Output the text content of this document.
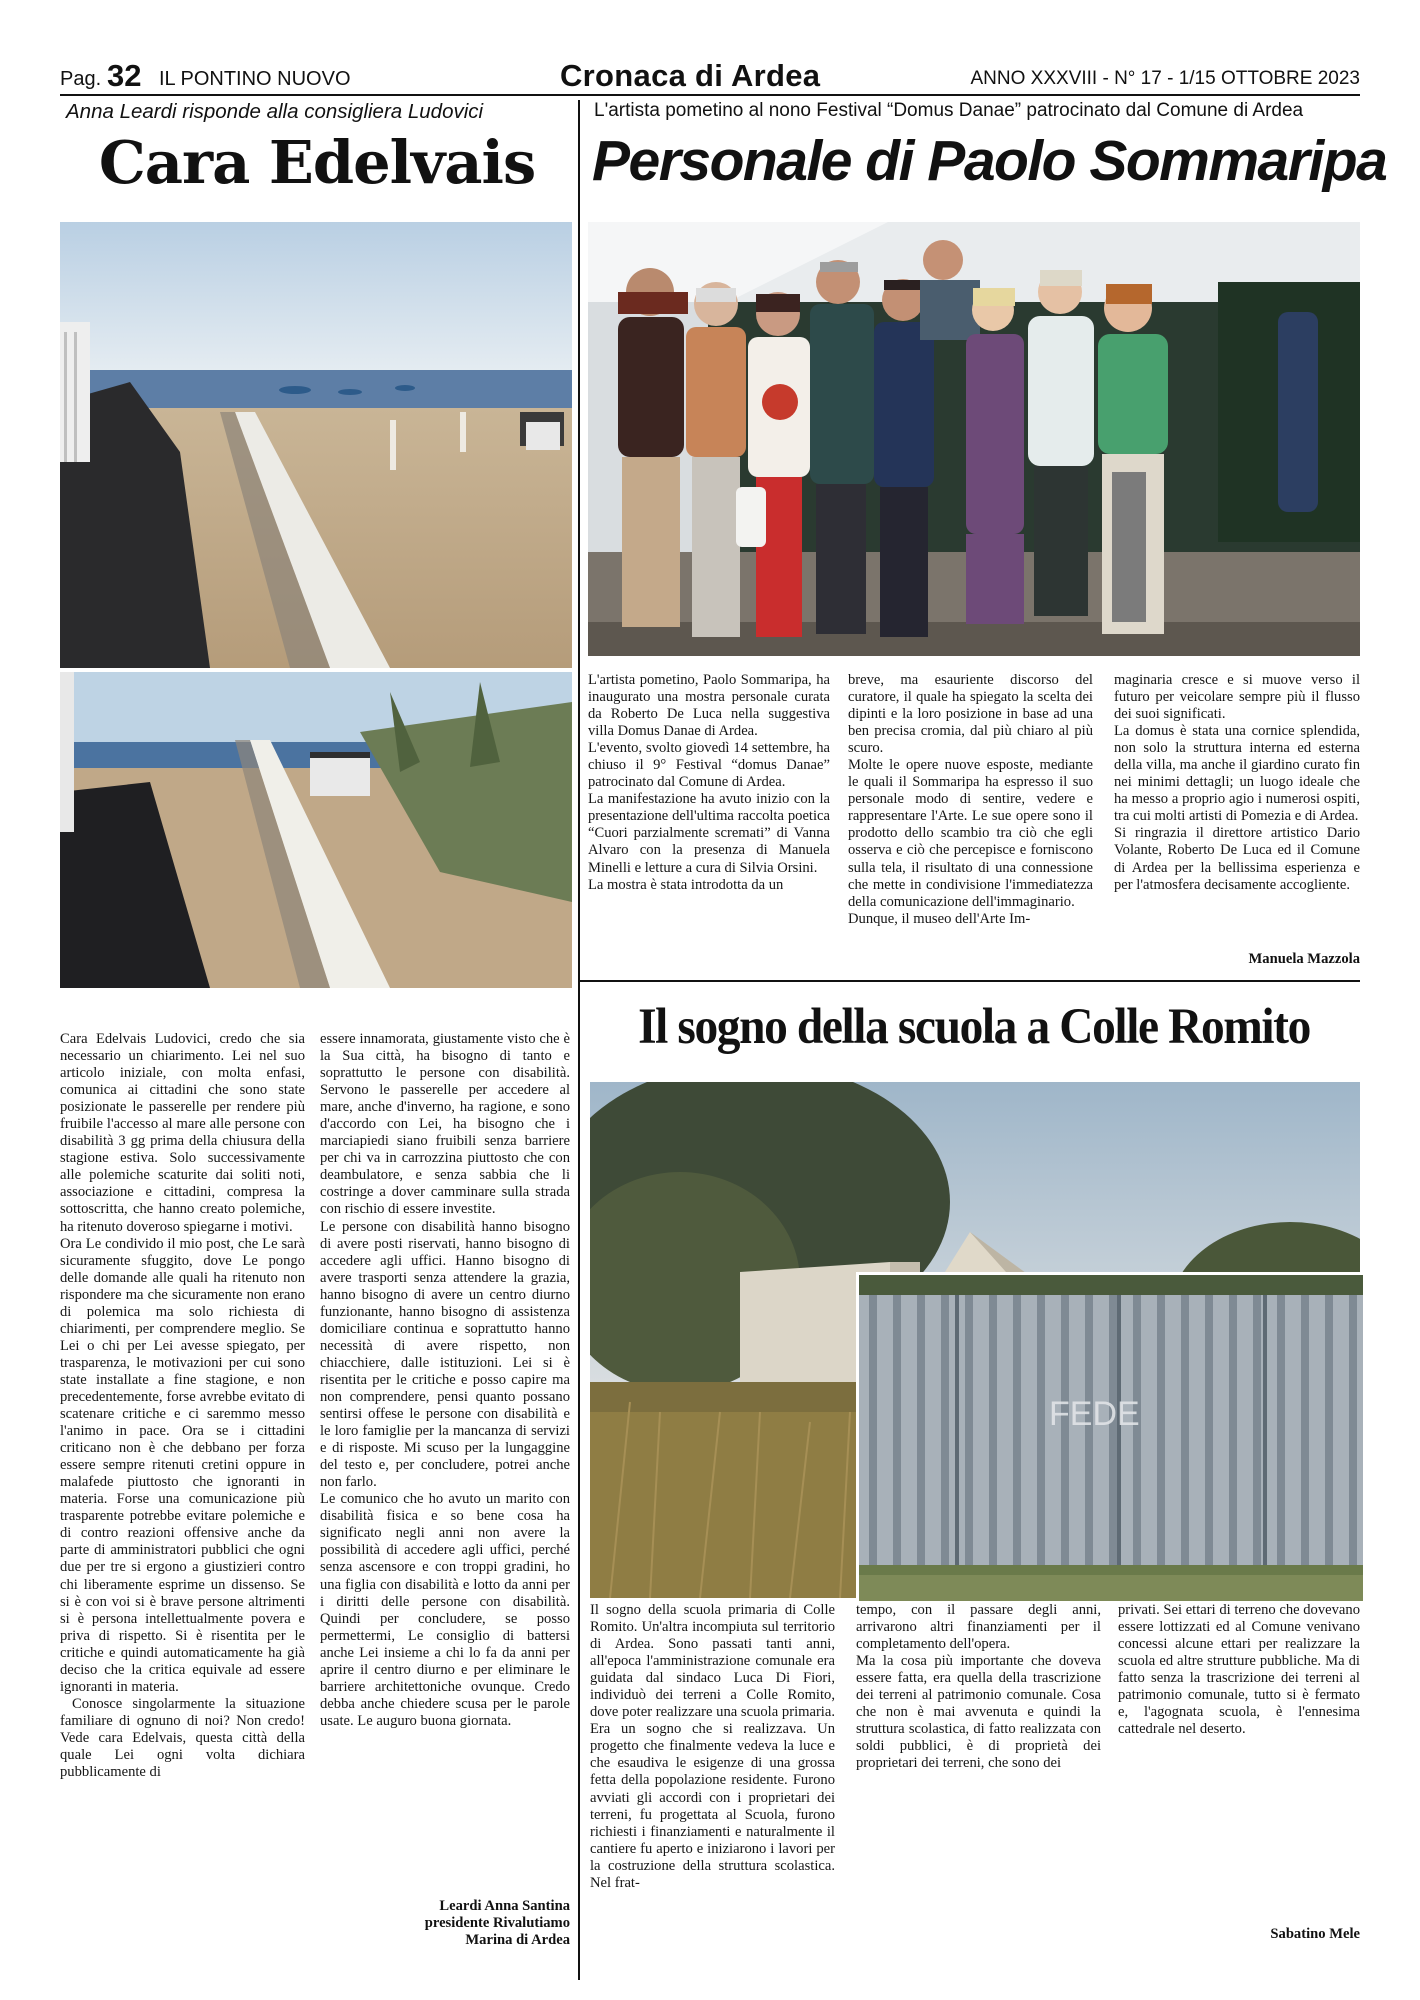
Pag. 32 IL PONTINO NUOVO	Cronaca di Ardea	ANNO XXXVIII - N° 17 - 1/15 OTTOBRE 2023
Anna Leardi risponde alla consigliera Ludovici
Cara Edelvais

Cara Edelvais Ludovici, credo che sia necessario un chiarimento. Lei nel suo articolo iniziale, con molta enfasi, comunica ai cittadini che sono state posizionate le passerelle per rendere più fruibile l'accesso al mare alle persone con disabilità 3 gg prima della chiusura della stagione estiva. Solo successivamente alle polemiche scaturite dai soliti noti, associazione e cittadini, compresa la sottoscritta, che hanno creato polemiche, ha ritenuto doveroso spiegarne i motivi.

Ora Le condivido il mio post, che Le sarà sicuramente sfuggito, dove Le pongo delle domande alle quali ha ritenuto non rispondere ma che sicuramente non erano di polemica ma solo richiesta di chiarimenti, per comprendere meglio. Se Lei o chi per Lei avesse spiegato, per trasparenza, le motivazioni per cui sono state installate a fine stagione, e non precedentemente, forse avrebbe evitato di scatenare critiche e ci saremmo messo l'animo in pace. Ora se i cittadini criticano non è che debbano per forza essere sempre ritenuti cretini oppure in malafede piuttosto che ignoranti in materia. Forse una comunicazione più trasparente potrebbe evitare polemiche e di contro reazioni offensive anche da parte di amministratori pubblici che ogni due per tre si ergono a giustizieri contro chi liberamente esprime un dissenso. Se si è con voi si è brave persone altrimenti si è persona intellettualmente povera e priva di rispetto. Si è risentita per le critiche e quindi automaticamente ha già deciso che la critica equivale ad essere ignoranti in materia.

Conosce singolarmente la situazione familiare di ognuno di noi? Non credo! Vede cara Edelvais, questa città della quale Lei ogni volta dichiara pubblicamente di

essere innamorata, giustamente visto che è la Sua città, ha bisogno di tanto e soprattutto le persone con disabilità. Servono le passerelle per accedere al mare, anche d'inverno, ha ragione, e sono d'accordo con Lei, ha bisogno che i marciapiedi siano fruibili senza barriere per chi va in carrozzina piuttosto che con deambulatore, e senza sabbia che li costringe a dover camminare sulla strada con rischio di essere investite.

Le persone con disabilità hanno bisogno di avere posti riservati, hanno bisogno di accedere agli uffici. Hanno bisogno di avere trasporti senza attendere la grazia, hanno bisogno di avere un centro diurno funzionante, hanno bisogno di assistenza domiciliare continua e soprattutto hanno necessità di avere rispetto, non chiacchiere, dalle istituzioni. Lei si è risentita per le critiche e posso capire ma non comprendere, pensi quanto possano sentirsi offese le persone con disabilità e le loro famiglie per la mancanza di servizi e di risposte. Mi scuso per la lungaggine del testo e, per concludere, potrei anche non farlo.

Le comunico che ho avuto un marito con disabilità fisica e so bene cosa ha significato negli anni non avere la possibilità di accedere agli uffici, perché senza ascensore e con troppi gradini, ho una figlia con disabilità e lotto da anni per i diritti delle persone con disabilità. Quindi per concludere, se posso permettermi, Le consiglio di battersi anche Lei insieme a chi lo fa da anni per aprire il centro diurno e per eliminare le barriere architettoniche ovunque. Credo debba anche chiedere scusa per le parole usate. Le auguro buona giornata.

Leardi Anna Santina
presidente Rivalutiamo
Marina di Ardea
L'artista pometino al nono Festival “Domus Danae” patrocinato dal Comune di Ardea
Personale di Paolo Sommaripa

L'artista pometino, Paolo Sommaripa, ha inaugurato una mostra personale curata da Roberto De Luca nella suggestiva villa Domus Danae di Ardea.

L'evento, svolto giovedì 14 settembre, ha chiuso il 9° Festival “domus Danae” patrocinato dal Comune di Ardea.

La manifestazione ha avuto inizio con la presentazione dell'ultima raccolta poetica “Cuori parzialmente scremati” di Vanna Alvaro con la presenza di Manuela Minelli e letture a cura di Silvia Orsini.

La mostra è stata introdotta da un

breve, ma esauriente discorso del curatore, il quale ha spiegato la scelta dei dipinti e la loro posizione in base ad una ben precisa cromia, dal più chiaro al più scuro.

Molte le opere nuove esposte, mediante le quali il Sommaripa ha espresso il suo personale modo di sentire, vedere e rappresentare l'Arte. Le sue opere sono il prodotto dello scambio tra ciò che egli osserva e ciò che percepisce e forniscono sulla tela, il risultato di una connessione che mette in condivisione l'immediatezza della comunicazione dell'immaginario.

Dunque, il museo dell'Arte Im-

maginaria cresce e si muove verso il futuro per veicolare sempre più il flusso dei suoi significati.

La domus è stata una cornice splendida, non solo la struttura interna ed esterna della villa, ma anche il giardino curato fin nei minimi dettagli; un luogo ideale che ha messo a proprio agio i numerosi ospiti, tra cui molti artisti di Pomezia e di Ardea.

Si ringrazia il direttore artistico Dario Volante, Roberto De Luca ed il Comune di Ardea per la bellissima esperienza e per l'atmosfera decisamente accogliente.

Manuela Mazzola
Il sogno della scuola a Colle Romito
FEDE

Il sogno della scuola primaria di Colle Romito. Un'altra incompiuta sul territorio di Ardea. Sono passati tanti anni, all'epoca l'amministrazione comunale era guidata dal sindaco Luca Di Fiori, individuò dei terreni a Colle Romito, dove poter realizzare una scuola primaria. Era un sogno che si realizzava. Un progetto che finalmente vedeva la luce e che esaudiva le esigenze di una grossa fetta della popolazione residente. Furono avviati gli accordi con i proprietari dei terreni, fu progettata al Scuola, furono richiesti i finanziamenti e naturalmente il cantiere fu aperto e iniziarono i lavori per la costruzione della struttura scolastica. Nel frat-

tempo, con il passare degli anni, arrivarono altri finanziamenti per il completamento dell'opera.

Ma la cosa più importante che doveva essere fatta, era quella della trascrizione dei terreni al patrimonio comunale. Cosa che non è mai avvenuta e quindi la struttura scolastica, di fatto realizzata con soldi pubblici, è di proprietà dei proprietari dei terreni, che sono dei

privati. Sei ettari di terreno che dovevano essere lottizzati ed al Comune venivano concessi alcune ettari per realizzare la scuola ed altre strutture pubbliche. Ma di fatto senza la trascrizione dei terreni al patrimonio comunale, tutto si è fermato e, l'agognata scuola, è l'ennesima cattedrale nel deserto.

Sabatino Mele
